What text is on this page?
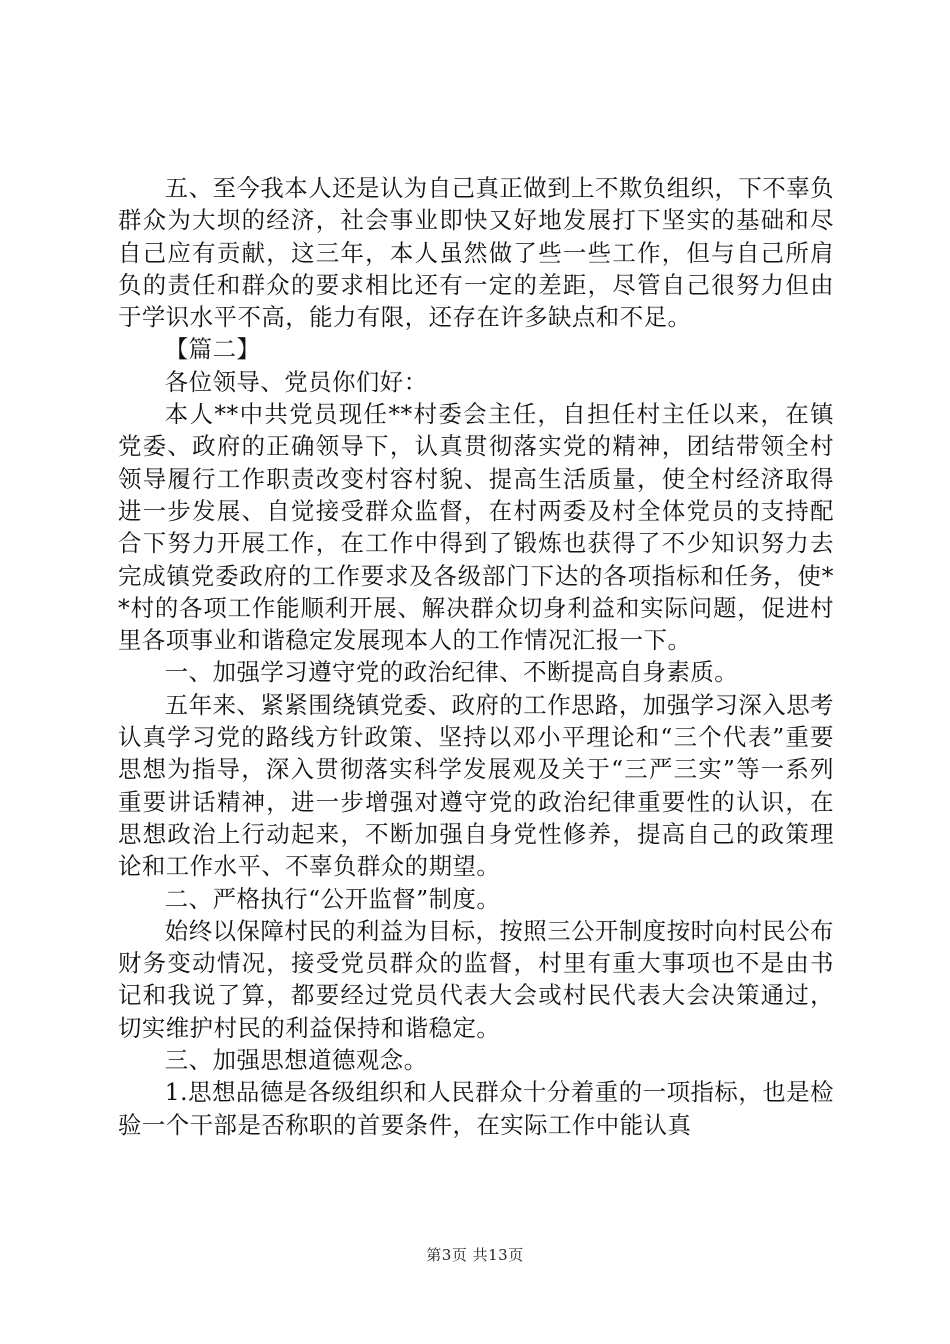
五、至今我本人还是认为自己真正做到上不欺负组织，下不辜负群众为大坝的经济，社会事业即快又好地发展打下坚实的基础和尽自己应有贡献，这三年，本人虽然做了些一些工作，但与自己所肩负的责任和群众的要求相比还有一定的差距，尽管自己很努力但由于学识水平不高，能力有限，还存在许多缺点和不足。

【篇二】

各位领导、党员你们好：

本人**中共党员现任**村委会主任，自担任村主任以来，在镇党委、政府的正确领导下，认真贯彻落实党的精神，团结带领全村领导履行工作职责改变村容村貌、提高生活质量，使全村经济取得进一步发展、自觉接受群众监督，在村两委及村全体党员的支持配合下努力开展工作，在工作中得到了锻炼也获得了不少知识努力去完成镇党委政府的工作要求及各级部门下达的各项指标和任务，使**村的各项工作能顺利开展、解决群众切身利益和实际问题，促进村里各项事业和谐稳定发展现本人的工作情况汇报一下。

一、加强学习遵守党的政治纪律、不断提高自身素质。

五年来、紧紧围绕镇党委、政府的工作思路，加强学习深入思考认真学习党的路线方针政策、坚持以邓小平理论和“三个代表”重要思想为指导，深入贯彻落实科学发展观及关于“三严三实”等一系列重要讲话精神，进一步增强对遵守党的政治纪律重要性的认识，在思想政治上行动起来，不断加强自身党性修养，提高自己的政策理论和工作水平、不辜负群众的期望。

二、严格执行“公开监督”制度。

始终以保障村民的利益为目标，按照三公开制度按时向村民公布财务变动情况，接受党员群众的监督，村里有重大事项也不是由书记和我说了算，都要经过党员代表大会或村民代表大会决策通过，切实维护村民的利益保持和谐稳定。

三、加强思想道德观念。

1.思想品德是各级组织和人民群众十分着重的一项指标，也是检验一个干部是否称职的首要条件，在实际工作中能认真

第3页 共13页
